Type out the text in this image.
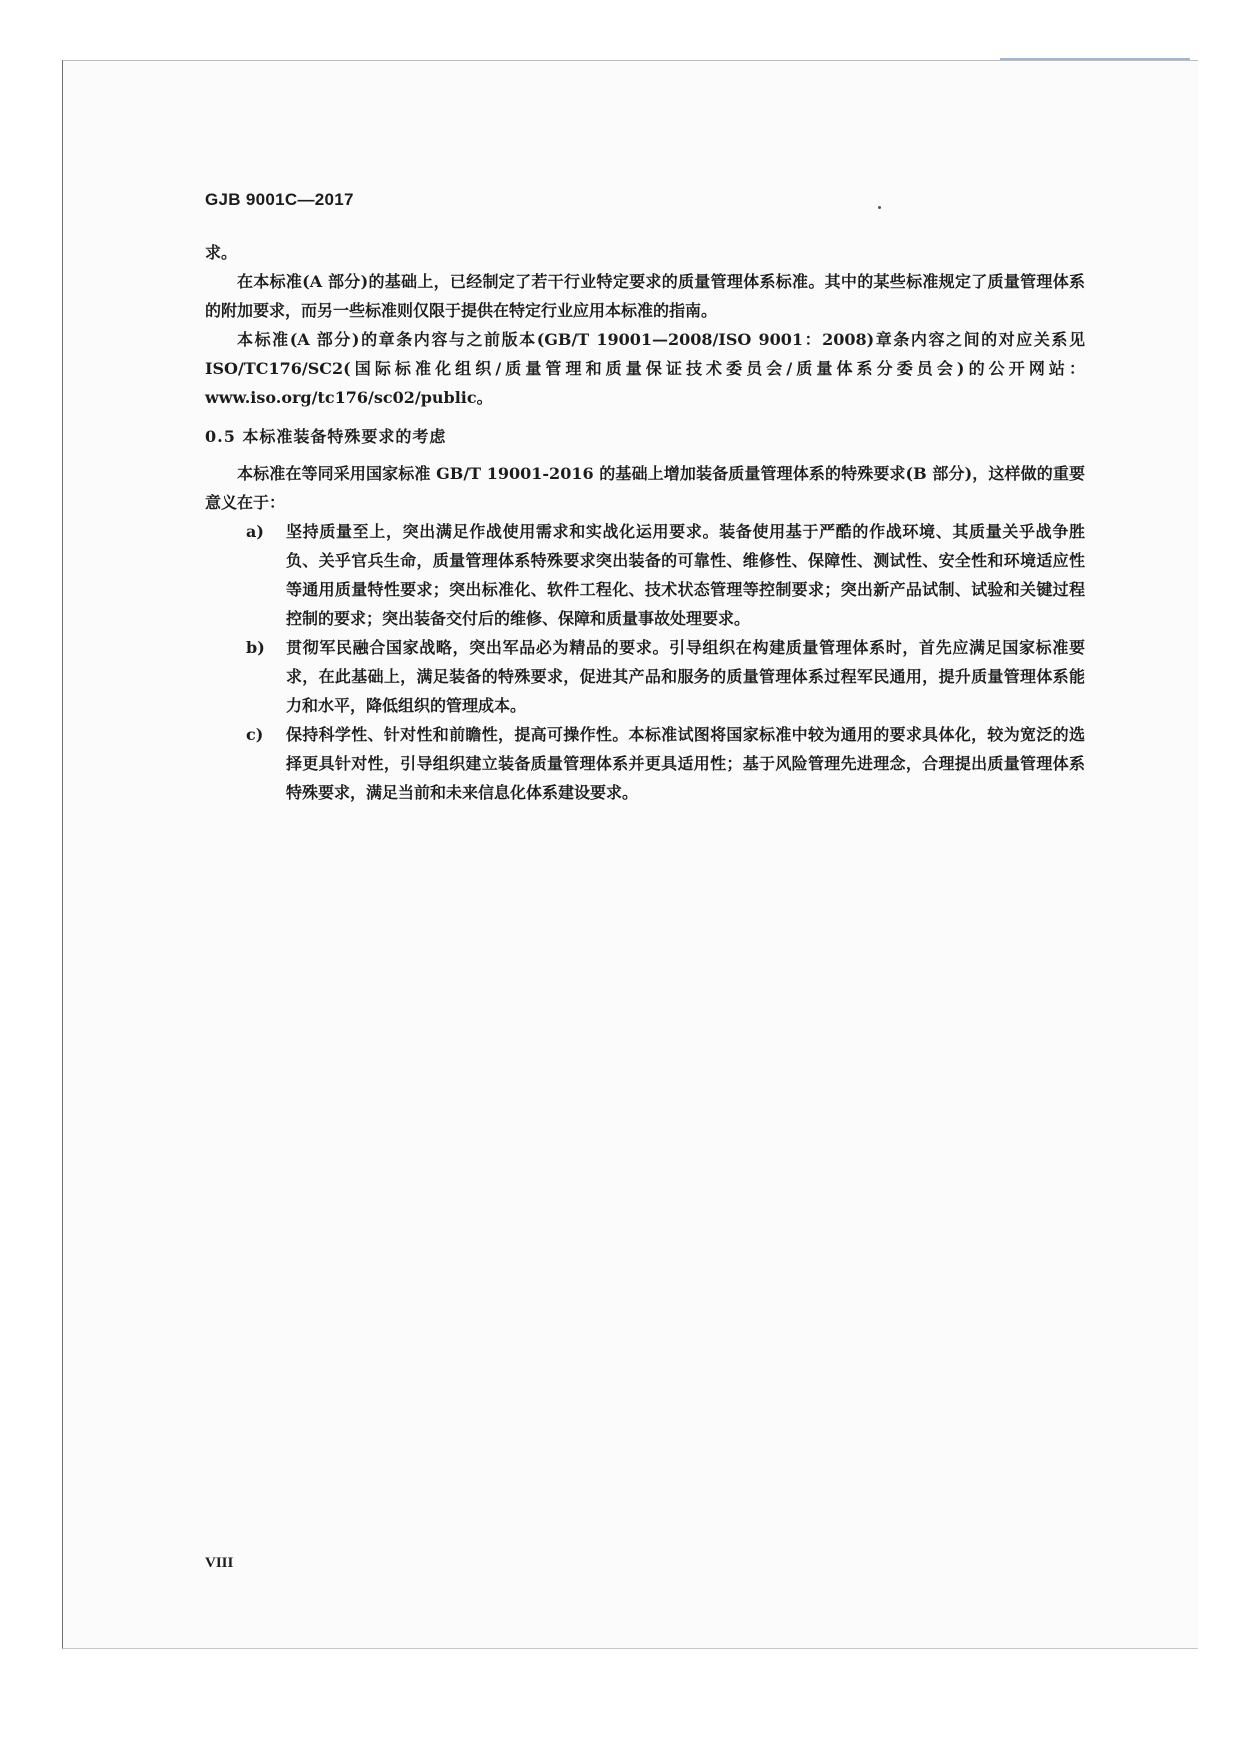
GJB 9001C—2017

求。

在本标准(A 部分)的基础上，已经制定了若干行业特定要求的质量管理体系标准。其中的某些标准规定了质量管理体系的附加要求，而另一些标准则仅限于提供在特定行业应用本标准的指南。

本标准(A 部分)的章条内容与之前版本(GB/T 19001—2008/ISO 9001：2008)章条内容之间的对应关系见 ISO/TC176/SC2(国际标准化组织/质量管理和质量保证技术委员会/质量体系分委员会)的公开网站：www.iso.org/tc176/sc02/public。

0.5 本标准装备特殊要求的考虑

本标准在等同采用国家标准 GB/T 19001-2016 的基础上增加装备质量管理体系的特殊要求(B 部分)，这样做的重要意义在于：

a)	坚持质量至上，突出满足作战使用需求和实战化运用要求。装备使用基于严酷的作战环境、其质量关乎战争胜负、关乎官兵生命，质量管理体系特殊要求突出装备的可靠性、维修性、保障性、测试性、安全性和环境适应性等通用质量特性要求；突出标准化、软件工程化、技术状态管理等控制要求；突出新产品试制、试验和关键过程控制的要求；突出装备交付后的维修、保障和质量事故处理要求。
b)	贯彻军民融合国家战略，突出军品必为精品的要求。引导组织在构建质量管理体系时，首先应满足国家标准要求，在此基础上，满足装备的特殊要求，促进其产品和服务的质量管理体系过程军民通用，提升质量管理体系能力和水平，降低组织的管理成本。
c)	保持科学性、针对性和前瞻性，提高可操作性。本标准试图将国家标准中较为通用的要求具体化，较为宽泛的选择更具针对性，引导组织建立装备质量管理体系并更具适用性；基于风险管理先进理念，合理提出质量管理体系特殊要求，满足当前和未来信息化体系建设要求。
VIII
